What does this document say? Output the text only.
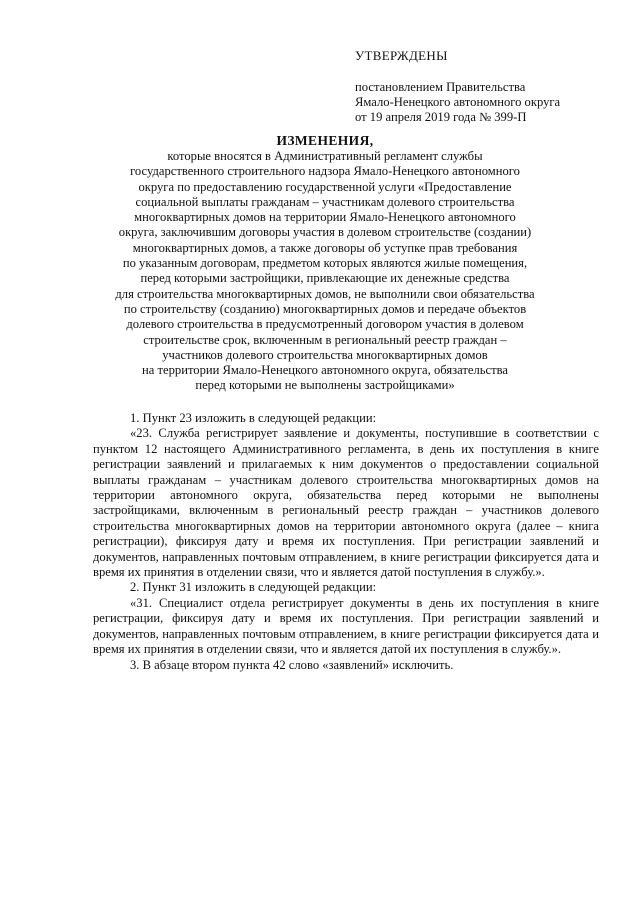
УТВЕРЖДЕНЫ
постановлением Правительства
Ямало-Ненецкого автономного округа
от 19 апреля 2019 года № 399-П
ИЗМЕНЕНИЯ,
которые вносятся в Административный регламент службы
государственного строительного надзора Ямало-Ненецкого автономного
округа по предоставлению государственной услуги «Предоставление
социальной выплаты гражданам – участникам долевого строительства
многоквартирных домов на территории Ямало-Ненецкого автономного
округа, заключившим договоры участия в долевом строительстве (создании)
многоквартирных домов, а также договоры об уступке прав требования
по указанным договорам, предметом которых являются жилые помещения,
перед которыми застройщики, привлекающие их денежные средства
для строительства многоквартирных домов, не выполнили свои обязательства
по строительству (созданию) многоквартирных домов и передаче объектов
долевого строительства в предусмотренный договором участия в долевом
строительстве срок, включенным в региональный реестр граждан –
участников долевого строительства многоквартирных домов
на территории Ямало-Ненецкого автономного округа, обязательства
перед которыми не выполнены застройщиками»

1. Пункт 23 изложить в следующей редакции:

«23. Служба регистрирует заявление и документы, поступившие в соответствии с пунктом 12 настоящего Административного регламента, в день их поступления в книге регистрации заявлений и прилагаемых к ним документов о предоставлении социальной выплаты гражданам – участникам долевого строительства многоквартирных домов на территории автономного округа, обязательства перед которыми не выполнены застройщиками, включенным в региональный реестр граждан – участников долевого строительства многоквартирных домов на территории автономного округа (далее – книга регистрации), фиксируя дату и время их поступления. При регистрации заявлений и документов, направленных почтовым отправлением, в книге регистрации фиксируется дата и время их принятия в отделении связи, что и является датой поступления в службу.».

2. Пункт 31 изложить в следующей редакции:

«31. Специалист отдела регистрирует документы в день их поступления в книге регистрации, фиксируя дату и время их поступления. При регистрации заявлений и документов, направленных почтовым отправлением, в книге регистрации фиксируется дата и время их принятия в отделении связи, что и является датой их поступления в службу.».

3. В абзаце втором пункта 42 слово «заявлений» исключить.
